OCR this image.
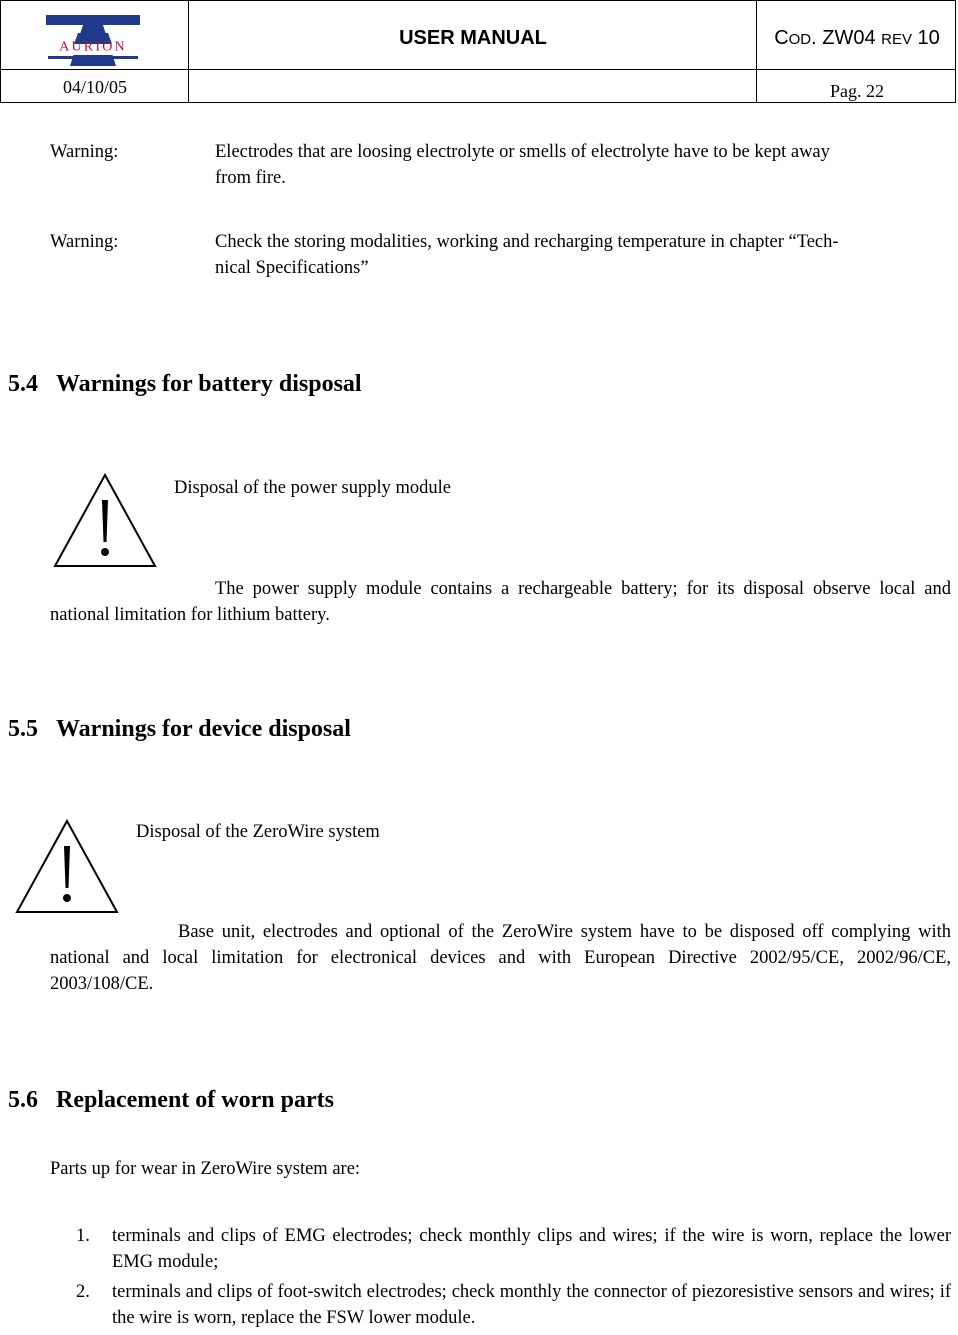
AURION	USER MANUAL	COD. ZW04 REV 10
04/10/05	Pag. 22
Warning:	Electrodes that are loosing electrolyte or smells of electrolyte have to be kept away
from fire.
Warning:	Check the storing modalities, working and recharging temperature in chapter “Tech-
nical Specifications”
5.4 Warnings for battery disposal
Disposal of the power supply module
The power supply module contains a rechargeable battery; for its disposal observe local and national limitation for lithium battery.
5.5 Warnings for device disposal
Disposal of the ZeroWire system
Base unit, electrodes and optional of the ZeroWire system have to be disposed off complying with national and local limitation for electronical devices and with European Directive 2002/95/CE, 2002/96/CE, 2003/108/CE.
5.6 Replacement of worn parts
Parts up for wear in ZeroWire system are:
1. terminals and clips of EMG electrodes; check monthly clips and wires; if the wire is worn, replace the lower EMG module;
2. terminals and clips of foot-switch electrodes; check monthly the connector of piezoresistive sensors and wires; if the wire is worn, replace the FSW lower module.
